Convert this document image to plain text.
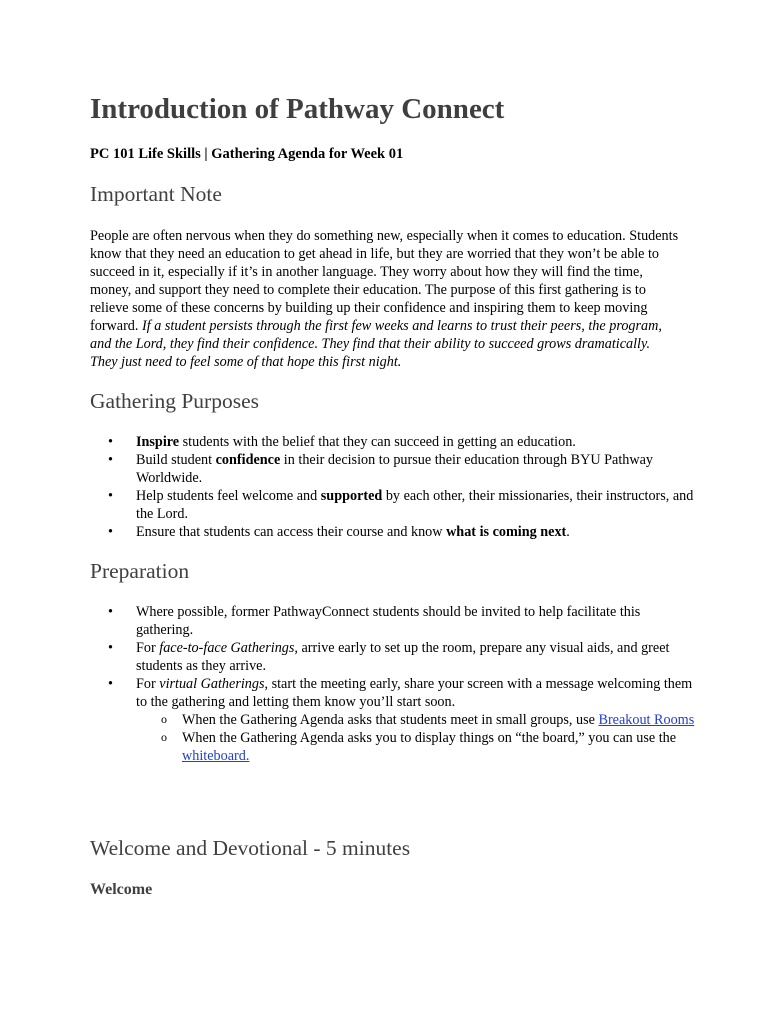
Introduction of Pathway Connect

PC 101 Life Skills | Gathering Agenda for Week 01

Important Note

People are often nervous when they do something new, especially when it comes to education. Students know that they need an education to get ahead in life, but they are worried that they won’t be able to succeed in it, especially if it’s in another language. They worry about how they will find the time, money, and support they need to complete their education. The purpose of this first gathering is to relieve some of these concerns by building up their confidence and inspiring them to keep moving forward. If a student persists through the first few weeks and learns to trust their peers, the program, and the Lord, they find their confidence. They find that their ability to succeed grows dramatically. They just need to feel some of that hope this first night.

Gathering Purposes
• Inspire students with the belief that they can succeed in getting an education.
• Build student confidence in their decision to pursue their education through BYU Pathway Worldwide.
• Help students feel welcome and supported by each other, their missionaries, their instructors, and the Lord.
• Ensure that students can access their course and know what is coming next.
Preparation
• Where possible, former PathwayConnect students should be invited to help facilitate this gathering.
• For face-to-face Gatherings, arrive early to set up the room, prepare any visual aids, and greet students as they arrive.
• For virtual Gatherings, start the meeting early, share your screen with a message welcoming them to the gathering and letting them know you’ll start soon.
o When the Gathering Agenda asks that students meet in small groups, use Breakout Rooms
o When the Gathering Agenda asks you to display things on “the board,” you can use the whiteboard.
Welcome and Devotional - 5 minutes
Welcome
